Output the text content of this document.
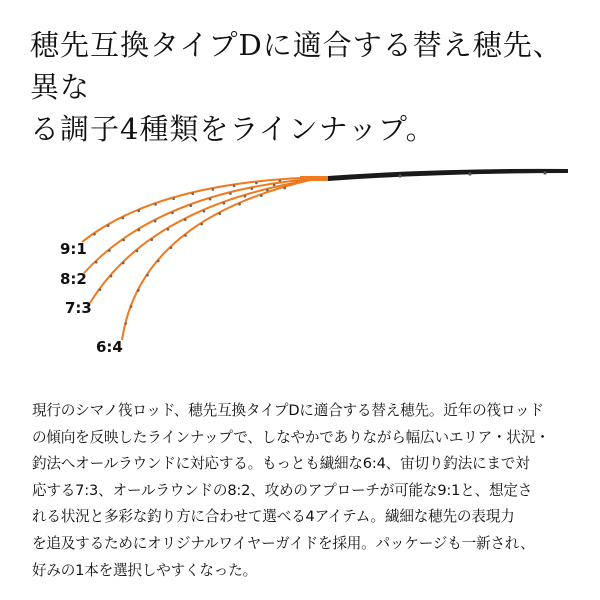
穂先互換タイプDに適合する替え穂先、異な
る調子4種類をラインナップ。
9:1
8:2
7:3
6:4
現行のシマノ筏ロッド、穂先互換タイプDに適合する替え穂先。近年の筏ロッド
の傾向を反映したラインナップで、しなやかでありながら幅広いエリア・状況・
釣法へオールラウンドに対応する。もっとも繊細な6:4、宙切り釣法にまで対
応する7:3、オールラウンドの8:2、攻めのアプローチが可能な9:1と、想定さ
れる状況と多彩な釣り方に合わせて選べる4アイテム。繊細な穂先の表現力
を追及するためにオリジナルワイヤーガイドを採用。パッケージも一新され、
好みの1本を選択しやすくなった。
